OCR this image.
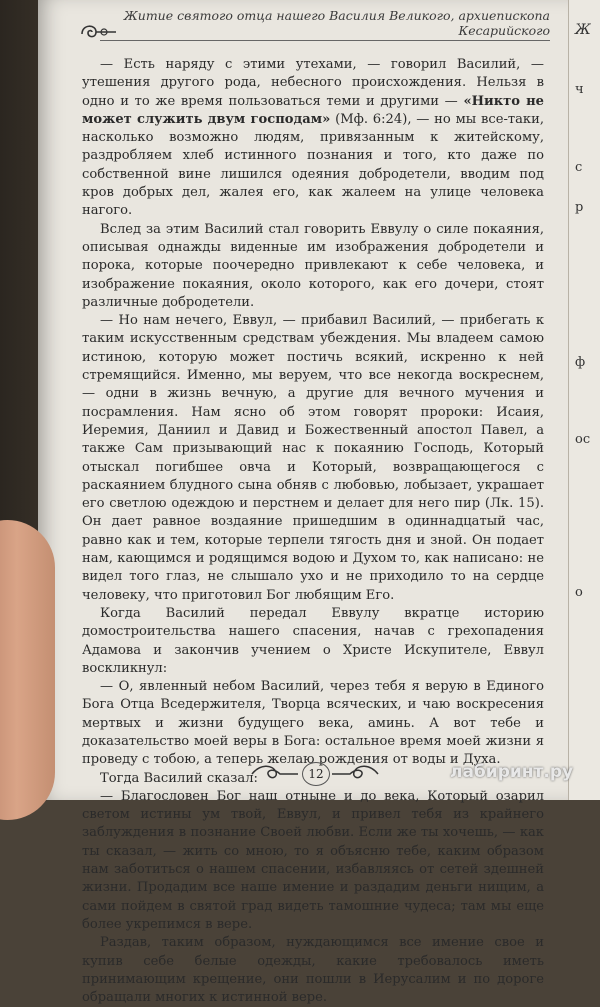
Ж
ч
с
р
ф
ос
о
Житие святого отца нашего Василия Великого, архиепископа Кесарийского

— Есть наряду с этими утехами, — говорил Василий, — утешения другого рода, небесного происхождения. Нельзя в одно и то же время пользоваться теми и другими — «Никто не может служить двум господам» (Мф. 6:24), — но мы все-таки, насколько возможно людям, привязанным к житейскому, раздробляем хлеб истинного познания и того, кто даже по собственной вине лишился одеяния добродетели, вводим под кров добрых дел, жалея его, как жалеем на улице человека нагого.

Вслед за этим Василий стал говорить Еввулу о силе покаяния, описывая однажды виденные им изображения добродетели и порока, которые поочередно привлекают к себе человека, и изображение покаяния, около которого, как его дочери, стоят различные добродетели.

— Но нам нечего, Еввул, — прибавил Василий, — прибегать к таким искусственным средствам убеждения. Мы владеем самою истиною, которую может постичь всякий, искренно к ней стремящийся. Именно, мы веруем, что все некогда воскреснем, — одни в жизнь вечную, а другие для вечного мучения и посрамления. Нам ясно об этом говорят пророки: Исаия, Иеремия, Даниил и Давид и Божественный апостол Павел, а также Сам призывающий нас к покаянию Господь, Который отыскал погибшее овча и Который, возвращающегося с раскаянием блудного сына обняв с любовью, лобызает, украшает его светлою одеждою и перстнем и делает для него пир (Лк. 15). Он дает равное воздаяние пришедшим в одиннадцатый час, равно как и тем, которые терпели тягость дня и зной. Он подает нам, кающимся и родящимся водою и Духом то, как написано: не видел того глаз, не слышало ухо и не приходило то на сердце человеку, что приготовил Бог любящим Его.

Когда Василий передал Еввулу вкратце историю домостроительства нашего спасения, начав с грехопадения Адамова и закончив учением о Христе Искупителе, Еввул воскликнул:

— О, явленный небом Василий, через тебя я верую в Единого Бога Отца Вседержителя, Творца всяческих, и чаю воскресения мертвых и жизни будущего века, аминь. А вот тебе и доказательство моей веры в Бога: остальное время моей жизни я проведу с тобою, а теперь желаю рождения от воды и Духа.

Тогда Василий сказал:

— Благословен Бог наш отныне и до века, Который озарил светом истины ум твой, Еввул, и привел тебя из крайнего заблуждения в познание Своей любви. Если же ты хочешь, — как ты сказал, — жить со мною, то я объясню тебе, каким образом нам заботиться о нашем спасении, избавляясь от сетей здешней жизни. Продадим все наше имение и раздадим деньги нищим, а сами пойдем в святой град видеть тамошние чудеса; там мы еще более укрепимся в вере.

Раздав, таким образом, нуждающимся все имение свое и купив себе белые одежды, какие требовалось иметь принимающим крещение, они пошли в Иерусалим и по дороге обращали многих к истинной вере.

12	лабиринт.ру
